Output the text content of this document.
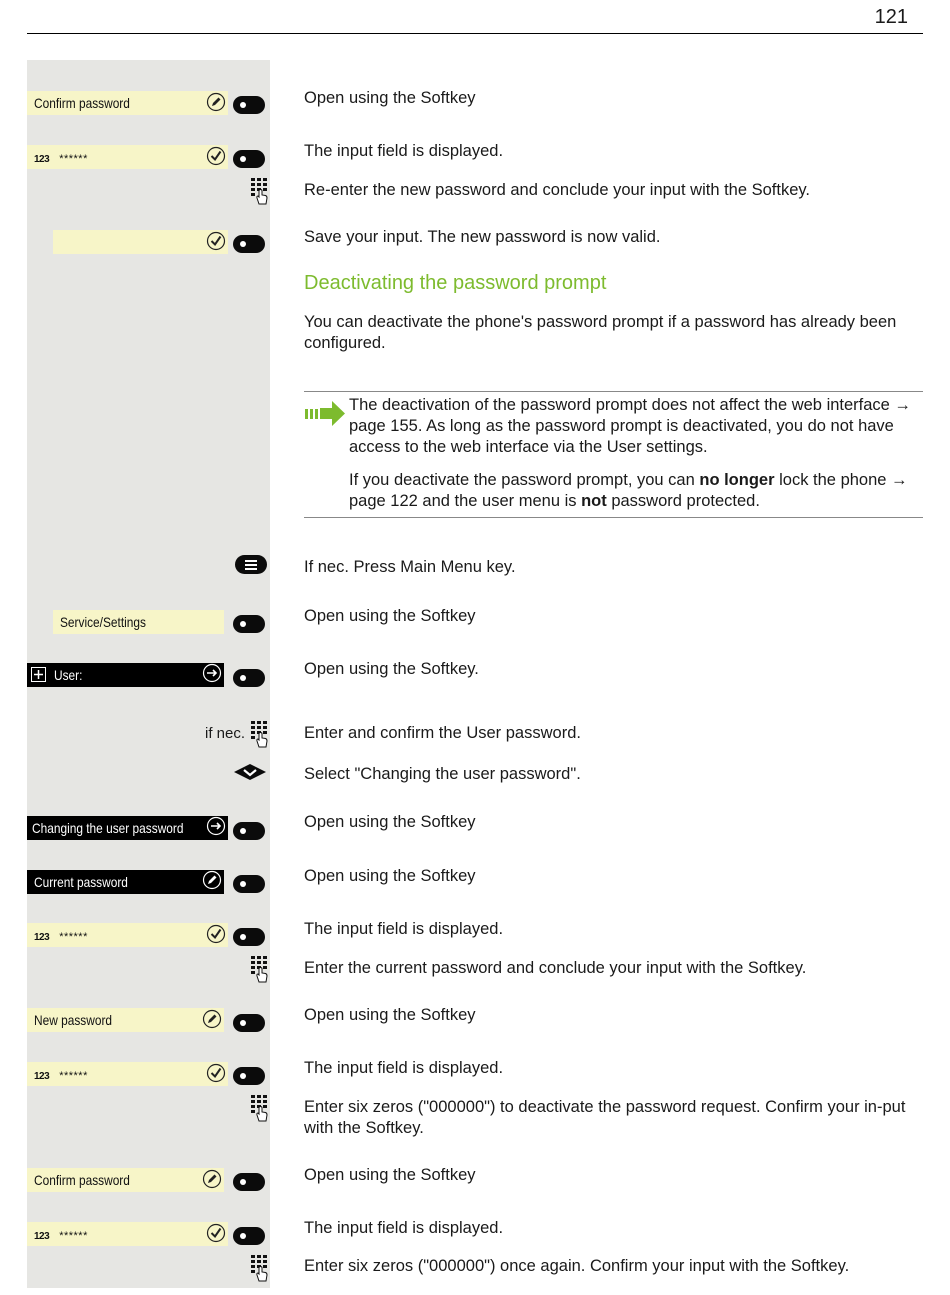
121
Confirm password
123 ******
Service/Settings
User:
if nec.
Changing the user password
Current password
123 ******
New password
123 ******
Confirm password
123 ******
Open using the Softkey
The input field is displayed.
Re-enter the new password and conclude your input with the Softkey.
Save your input. The new password is now valid.
Deactivating the password prompt
You can deactivate the phone's password prompt if a password has already been configured.

The deactivation of the password prompt does not affect the web interface → page 155. As long as the password prompt is deactivated, you do not have access to the web interface via the User settings.

If you deactivate the password prompt, you can no longer lock the phone → page 122 and the user menu is not password protected.

If nec. Press Main Menu key.
Open using the Softkey
Open using the Softkey.
Enter and confirm the User password.
Select "Changing the user password".
Open using the Softkey
Open using the Softkey
The input field is displayed.
Enter the current password and conclude your input with the Softkey.
Open using the Softkey
The input field is displayed.
Enter six zeros ("000000") to deactivate the password request. Confirm your in-put with the Softkey.
Open using the Softkey
The input field is displayed.
Enter six zeros ("000000") once again. Confirm your input with the Softkey.
